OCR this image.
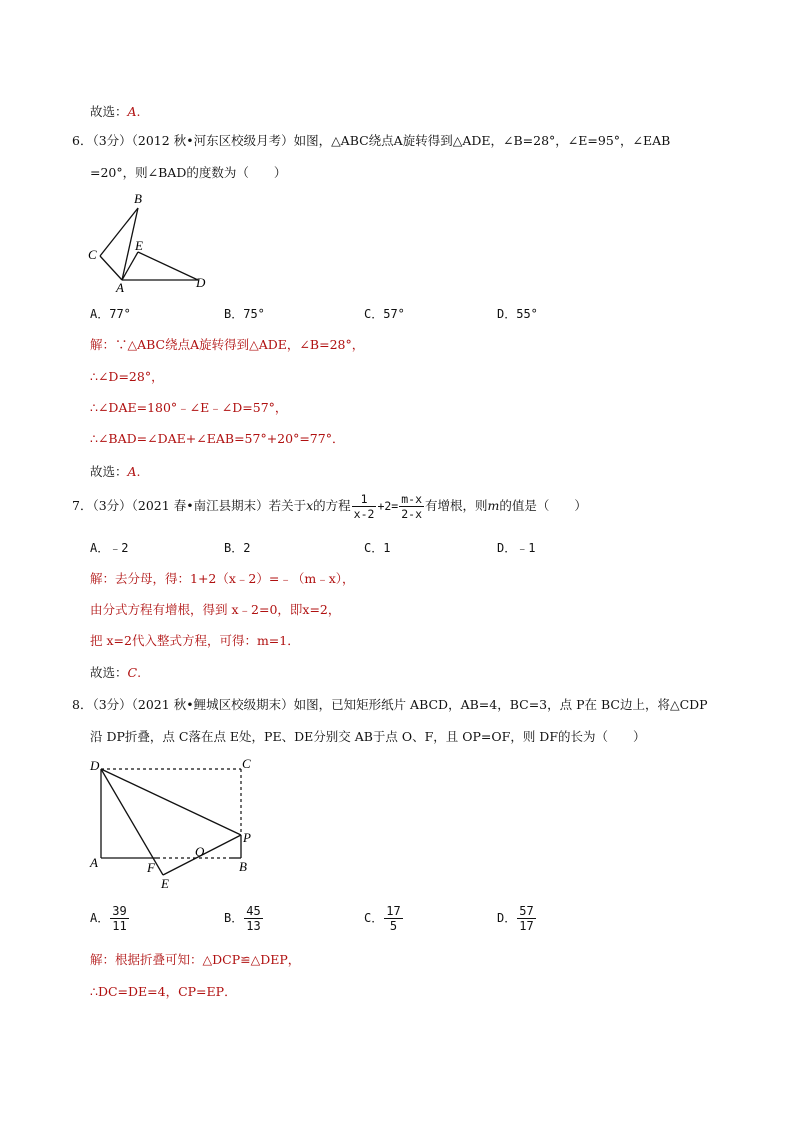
故选：A.
6．（3分）（2012 秋•河东区校级月考）如图，△ABC绕点A旋转得到△ADE，∠B=28°，∠E=95°，∠EAB
=20°，则∠BAD的度数为（　　）
B
C
E
A	D
A．77°	B．75°	C．57°	D．55°
解：∵△ABC绕点A旋转得到△ADE，∠B=28°，
∴∠D=28°，
∴∠DAE=180°﹣∠E﹣∠D=57°，
∴∠BAD=∠DAE+∠EAB=57°+20°=77°．
故选：A.
7．（3分）（2021 春•南江县期末）若关于x的方程 $\frac{1}{x-2} +2= \frac{m-x}{2-x}$ 有增根，则m的值是（　　）
A．﹣2	B．2	C．1	D．﹣1
解：去分母，得：1+2（x﹣2）=﹣（m﹣x），
由分式方程有增根，得到 x﹣2=0，即x=2，
把 x=2代入整式方程，可得：m=1．
故选：C.
8．（3分）（2021 秋•鲤城区校级期末）如图，已知矩形纸片 ABCD，AB=4，BC=3，点 P在 BC边上，将△CDP
沿 DP折叠，点 C落在点 E处，PE、DE分别交 AB于点 O、F，且 OP=OF，则 DF的长为（　　）
D	C
P
O
A	F	B
E
A． $\frac{39}{11}$	B． $\frac{45}{13}$	C． $\frac{17}{5}$	D． $\frac{57}{17}$
解：根据折叠可知：△DCP≌△DEP，
∴DC=DE=4，CP=EP．
